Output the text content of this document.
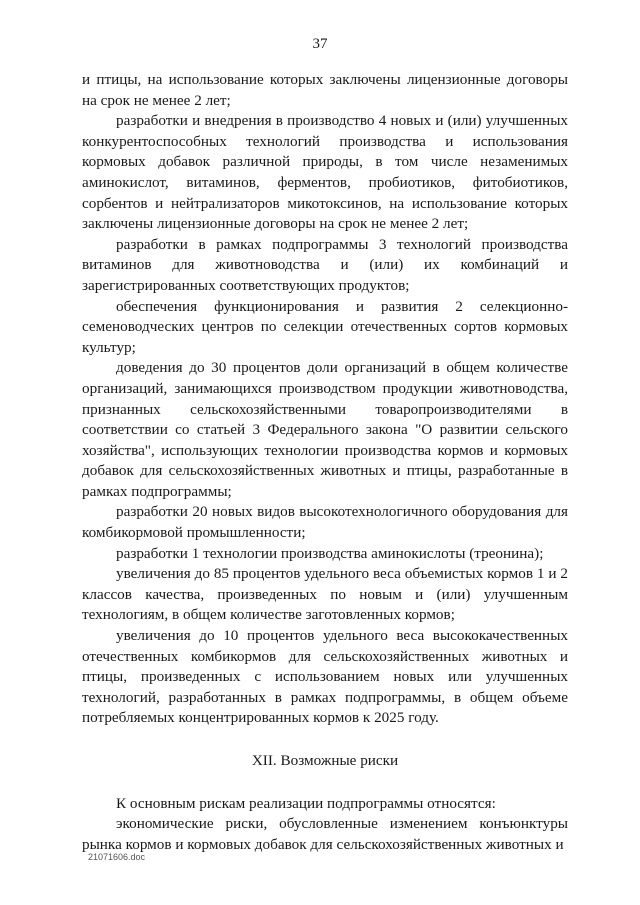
37

и птицы, на использование которых заключены лицензионные договоры на срок не менее 2 лет;

разработки и внедрения в производство 4 новых и (или) улучшенных конкурентоспособных технологий производства и использования кормовых добавок различной природы, в том числе незаменимых аминокислот, витаминов, ферментов, пробиотиков, фитобиотиков, сорбентов и нейтрализаторов микотоксинов, на использование которых заключены лицензионные договоры на срок не менее 2 лет;

разработки в рамках подпрограммы 3 технологий производства витаминов для животноводства и (или) их комбинаций и зарегистрированных соответствующих продуктов;

обеспечения функционирования и развития 2 селекционно-семеноводческих центров по селекции отечественных сортов кормовых культур;

доведения до 30 процентов доли организаций в общем количестве организаций, занимающихся производством продукции животноводства, признанных сельскохозяйственными товаропроизводителями в соответствии со статьей 3 Федерального закона "О развитии сельского хозяйства", использующих технологии производства кормов и кормовых добавок для сельскохозяйственных животных и птицы, разработанные в рамках подпрограммы;

разработки 20 новых видов высокотехнологичного оборудования для комбикормовой промышленности;

разработки 1 технологии производства аминокислоты (треонина);

увеличения до 85 процентов удельного веса объемистых кормов 1 и 2 классов качества, произведенных по новым и (или) улучшенным технологиям, в общем количестве заготовленных кормов;

увеличения до 10 процентов удельного веса высококачественных отечественных комбикормов для сельскохозяйственных животных и птицы, произведенных с использованием новых или улучшенных технологий, разработанных в рамках подпрограммы, в общем объеме потребляемых концентрированных кормов к 2025 году.

XII. Возможные риски

К основным рискам реализации подпрограммы относятся:

экономические риски, обусловленные изменением конъюнктуры рынка кормов и кормовых добавок для сельскохозяйственных животных и

21071606.doc
